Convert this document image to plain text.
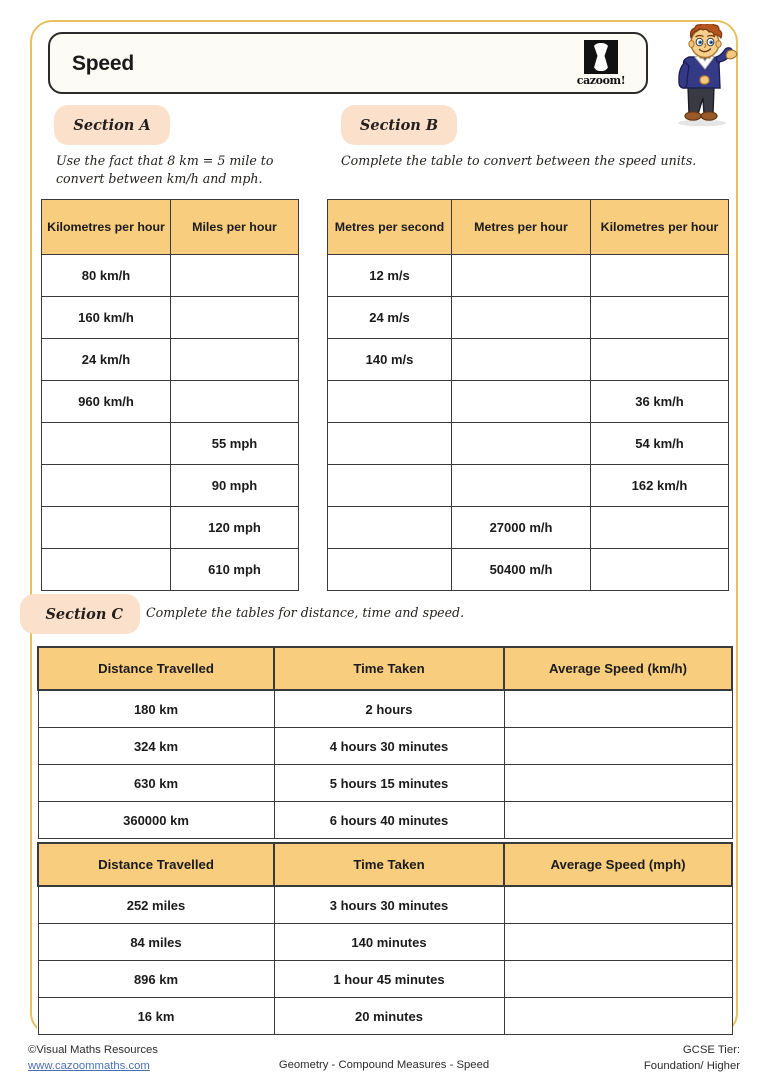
Speed
cazoom!
Section A
Use the fact that 8 km = 5 mile to convert between km/h and mph.
Kilometres per hour	Miles per hour
80 km/h	
160 km/h	
24 km/h	
960 km/h	
	55 mph
	90 mph
	120 mph
	610 mph
Section B
Complete the table to convert between the speed units.
Metres per second	Metres per hour	Kilometres per hour
12 m/s		
24 m/s		
140 m/s		
		36 km/h
		54 km/h
		162 km/h
	27000 m/h	
	50400 m/h	
Section C Complete the tables for distance, time and speed.
Distance Travelled	Time Taken	Average Speed (km/h)
180 km	2 hours	
324 km	4 hours 30 minutes	
630 km	5 hours 15 minutes	
360000 km	6 hours 40 minutes	
Distance Travelled	Time Taken	Average Speed (mph)
252 miles	3 hours 30 minutes	
84 miles	140 minutes	
896 km	1 hour 45 minutes	
16 km	20 minutes	
©Visual Maths Resources
www.cazoommaths.com	Geometry - Compound Measures - Speed
GCSE Tier:
Foundation/ Higher
